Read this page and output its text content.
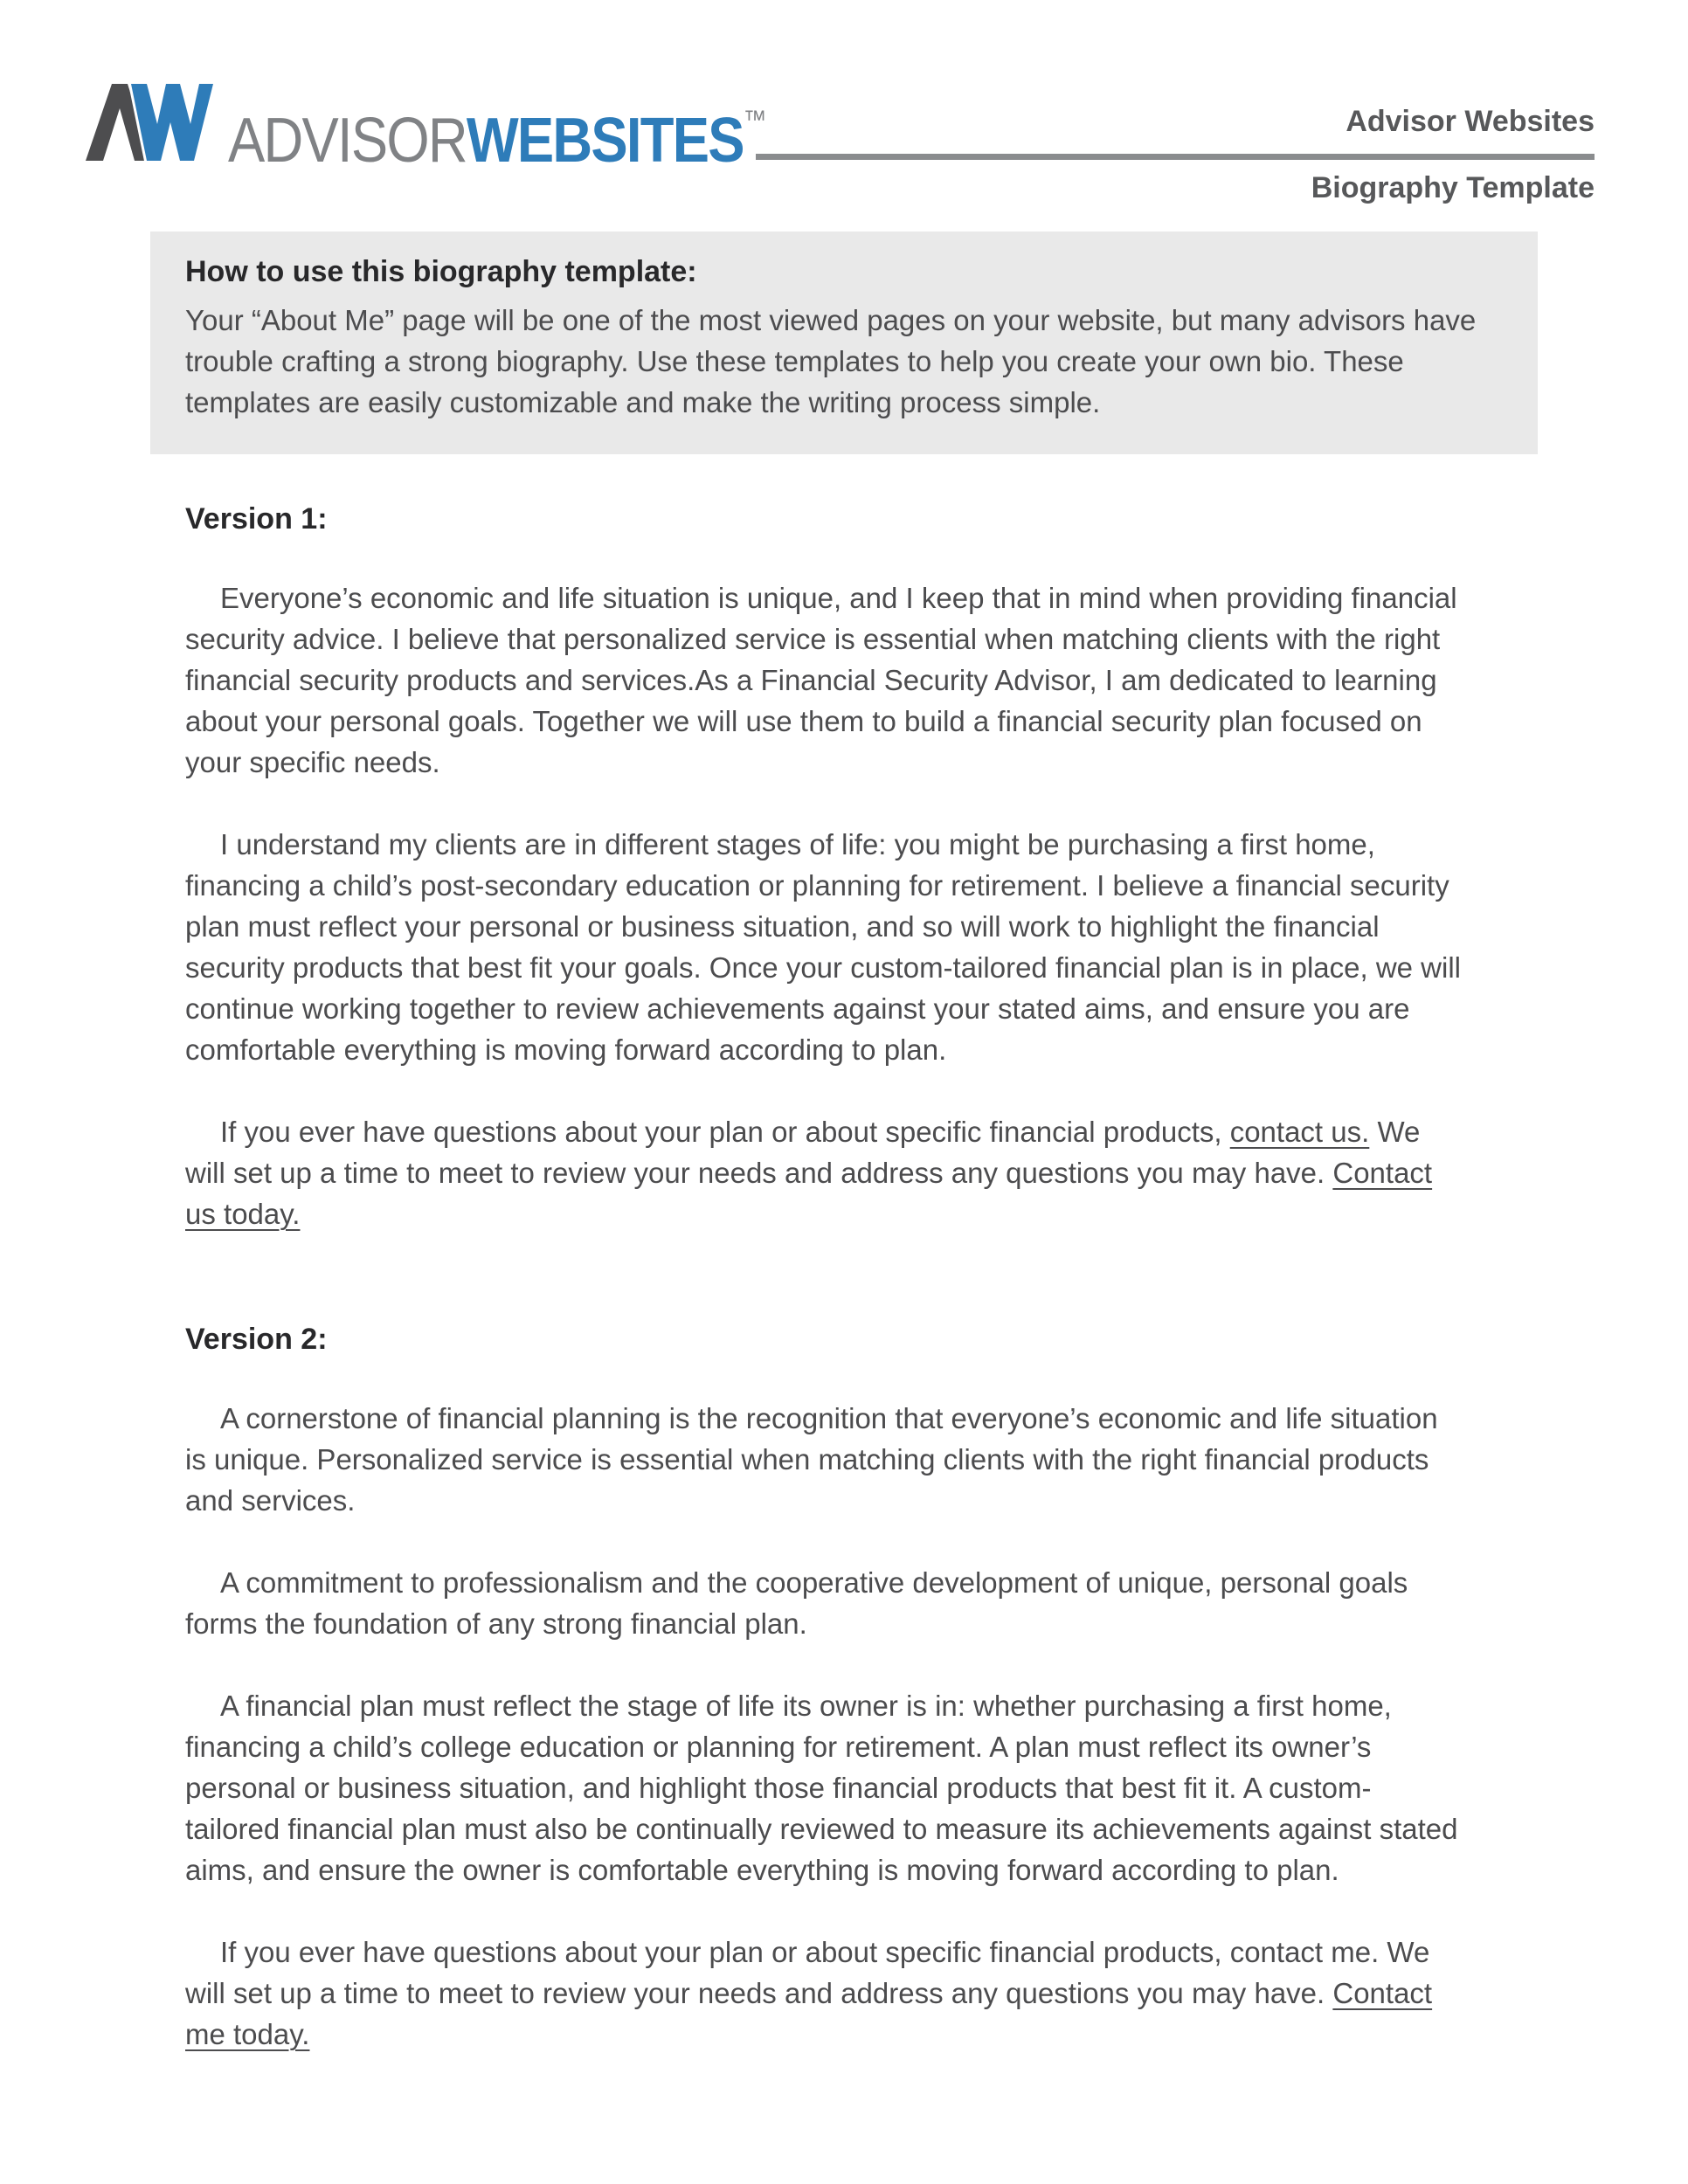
ADVISORWEBSITES™	Advisor Websites
Biography Template
How to use this biography template:

Your “About Me” page will be one of the most viewed pages on your website, but many advisors have trouble crafting a strong biography. Use these templates to help you create your own bio. These templates are easily customizable and make the writing process simple.

Version 1:

Everyone’s economic and life situation is unique, and I keep that in mind when providing financial security advice. I believe that personalized service is essential when matching clients with the right financial security products and services.As a Financial Security Advisor, I am dedicated to learning about your personal goals. Together we will use them to build a financial security plan focused on your specific needs.

I understand my clients are in different stages of life: you might be purchasing a first home, financing a child’s post-secondary education or planning for retirement. I believe a financial security plan must reflect your personal or business situation, and so will work to highlight the financial security products that best fit your goals. Once your custom-tailored financial plan is in place, we will continue working together to review achievements against your stated aims, and ensure you are comfortable everything is moving forward according to plan.

If you ever have questions about your plan or about specific financial products, contact us. We will set up a time to meet to review your needs and address any questions you may have. Contact us today.

Version 2:

A cornerstone of financial planning is the recognition that everyone’s economic and life situation is unique. Personalized service is essential when matching clients with the right financial products and services.

A commitment to professionalism and the cooperative development of unique, personal goals forms the foundation of any strong financial plan.

A financial plan must reflect the stage of life its owner is in: whether purchasing a first home, financing a child’s college education or planning for retirement. A plan must reflect its owner’s personal or business situation, and highlight those financial products that best fit it. A custom-tailored financial plan must also be continually reviewed to measure its achievements against stated aims, and ensure the owner is comfortable everything is moving forward according to plan.

If you ever have questions about your plan or about specific financial products, contact me. We will set up a time to meet to review your needs and address any questions you may have. Contact me today.
